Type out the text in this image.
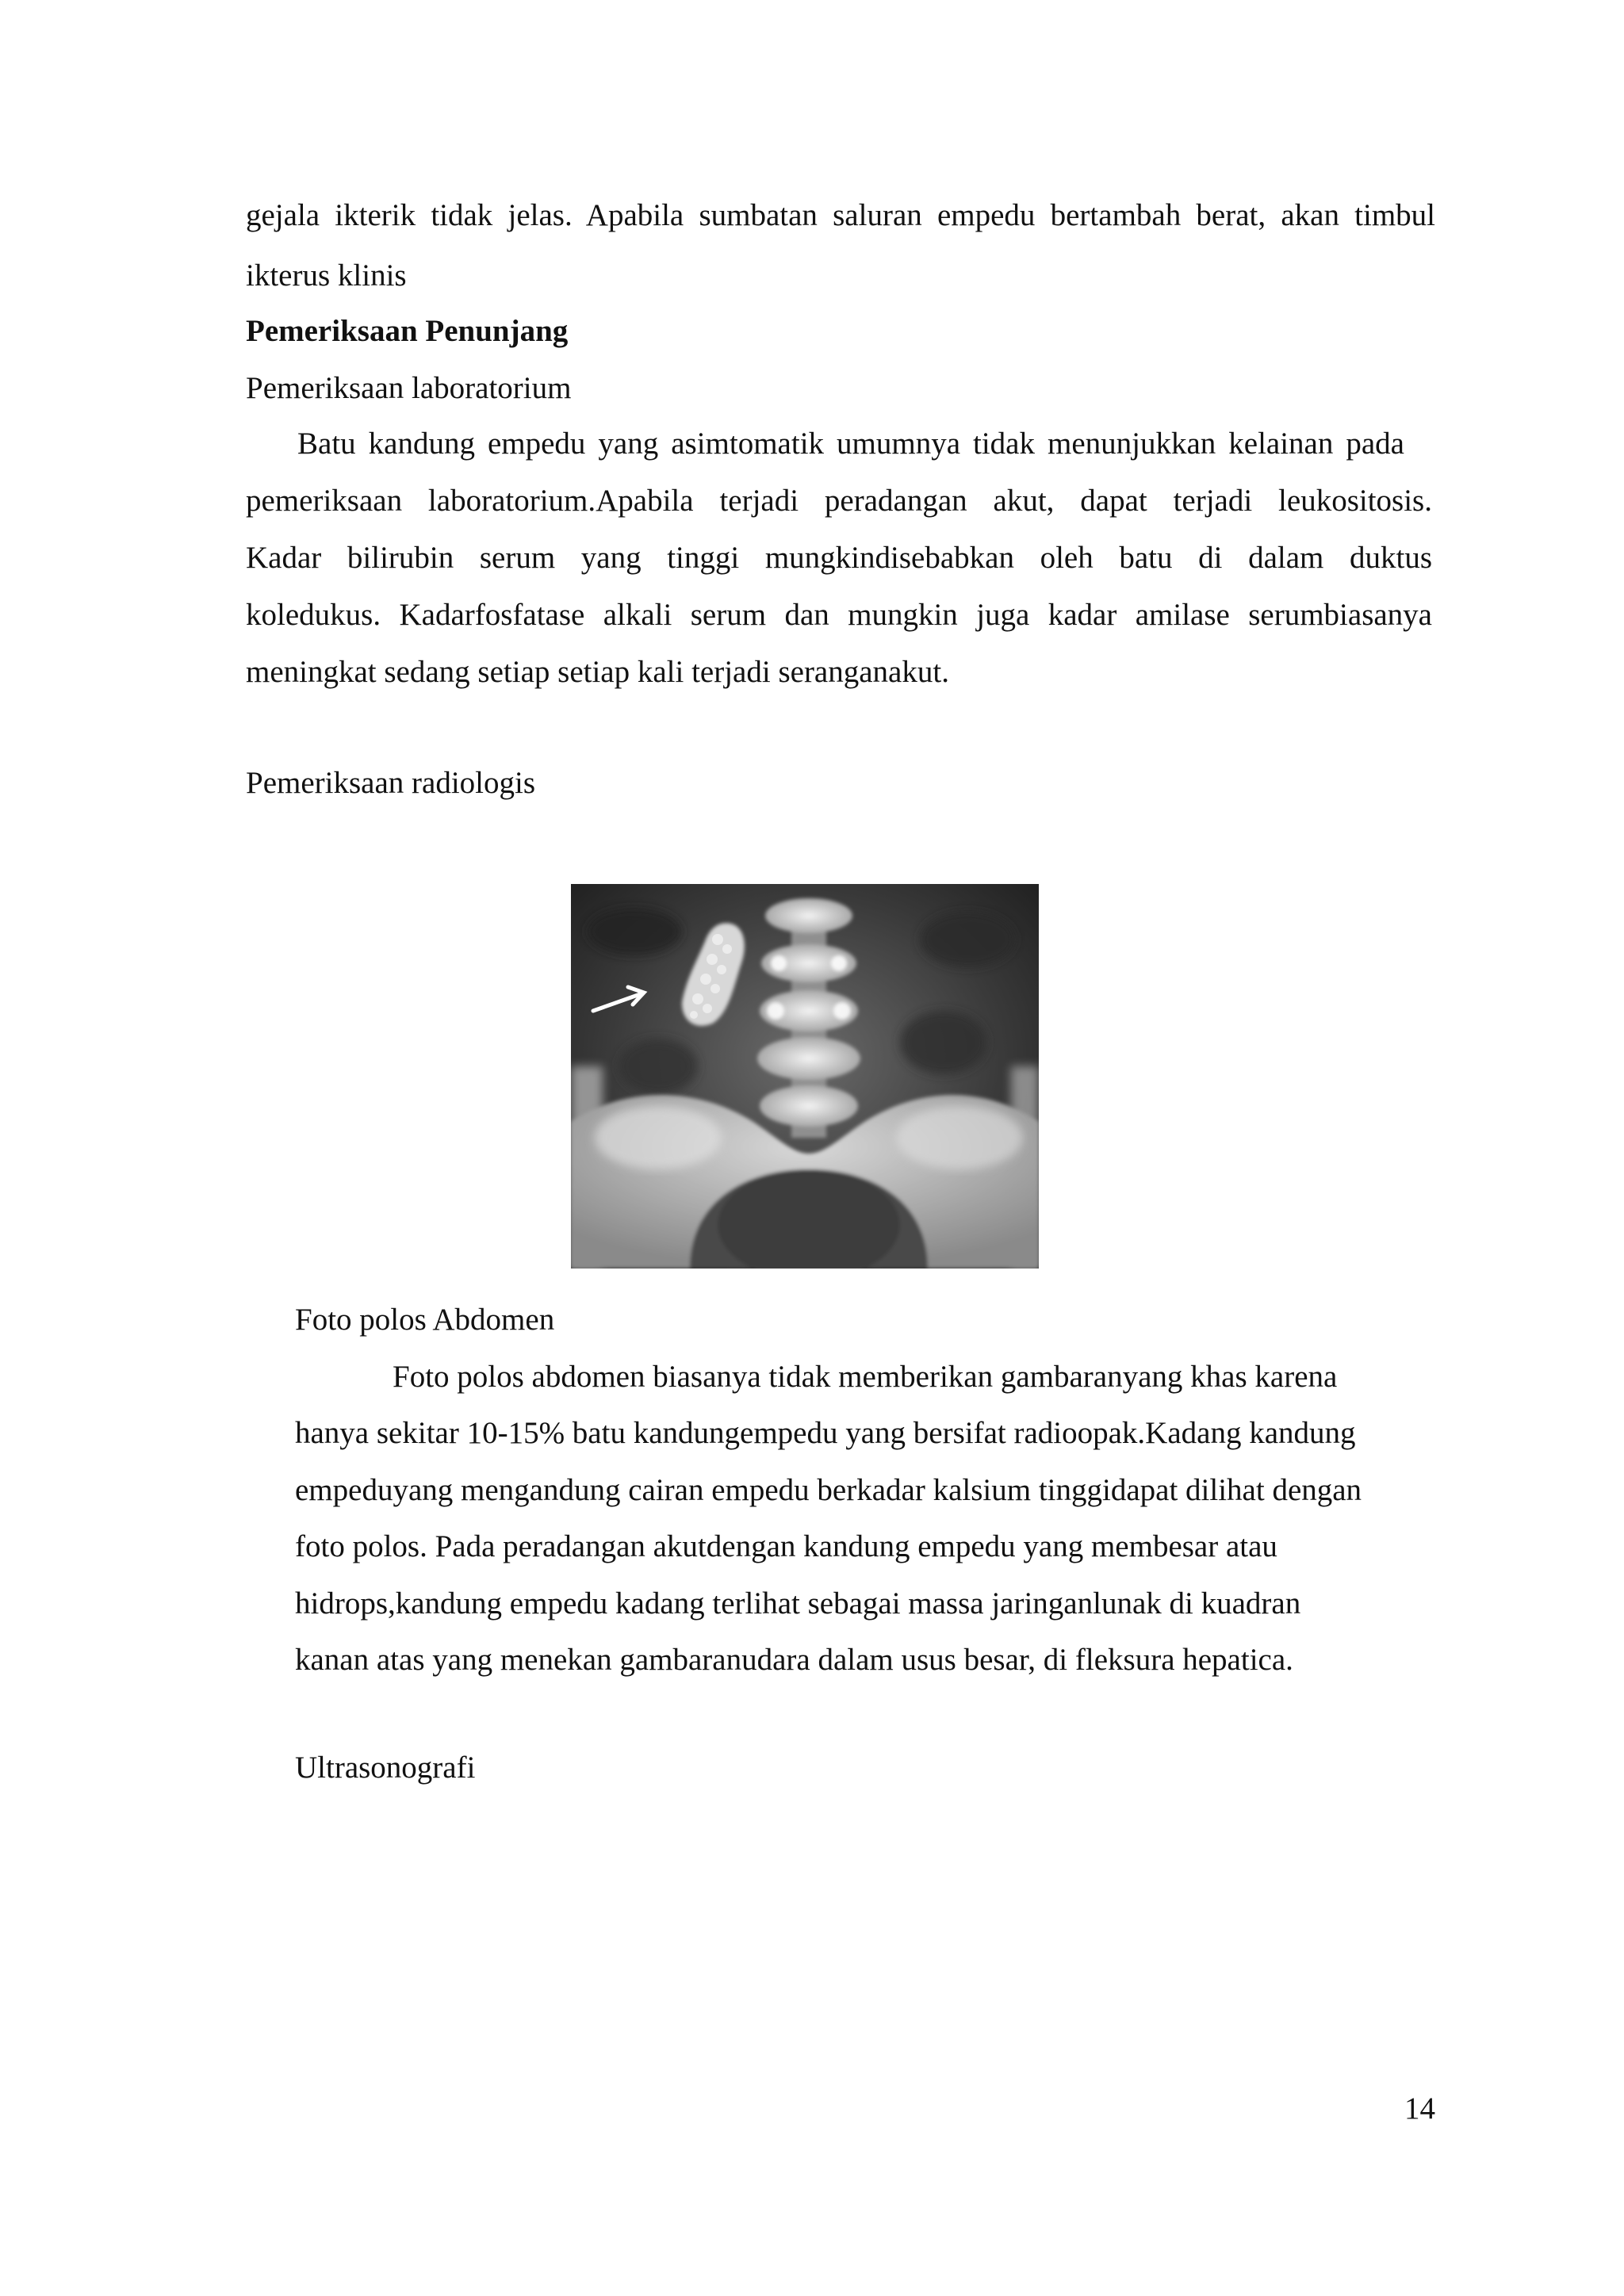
gejala ikterik tidak jelas. Apabila sumbatan saluran empedu bertambah berat, akan timbul
ikterus klinis
Pemeriksaan Penunjang
Pemeriksaan laboratorium
Batu kandung empedu yang asimtomatik umumnya tidak menunjukkan kelainan pada
pemeriksaan laboratorium.Apabila terjadi peradangan akut, dapat terjadi leukositosis.
Kadar bilirubin serum yang tinggi mungkindisebabkan oleh batu di dalam duktus
koledukus. Kadarfosfatase alkali serum dan mungkin juga kadar amilase serumbiasanya
meningkat sedang setiap setiap kali terjadi seranganakut.
Pemeriksaan radiologis
Foto polos Abdomen
Foto polos abdomen biasanya tidak memberikan gambaranyang khas karena
hanya sekitar 10-15% batu kandungempedu yang bersifat radioopak.Kadang kandung
empeduyang mengandung cairan empedu berkadar kalsium tinggidapat dilihat dengan
foto polos. Pada peradangan akutdengan kandung empedu yang membesar atau
hidrops,kandung empedu kadang terlihat sebagai massa jaringanlunak di kuadran
kanan atas yang menekan gambaranudara dalam usus besar, di fleksura hepatica.
Ultrasonografi
14
